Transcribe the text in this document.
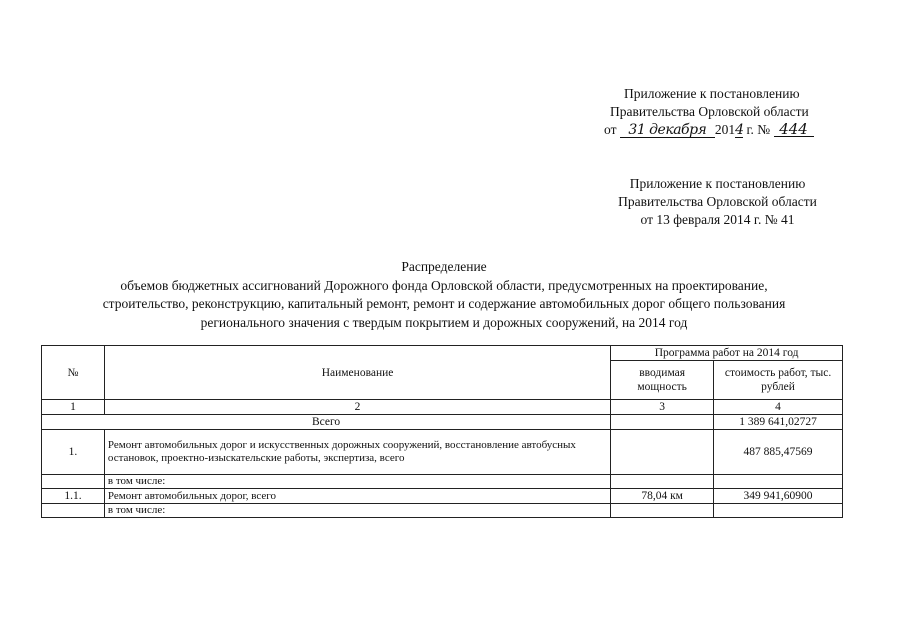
Приложение к постановлению
Правительства Орловской области
от 31 декабря 2014 г. № 444
Приложение к постановлению
Правительства Орловской области
от 13 февраля 2014 г. № 41
Распределение
объемов бюджетных ассигнований Дорожного фонда Орловской области, предусмотренных на проектирование,
строительство, реконструкцию, капитальный ремонт, ремонт и содержание автомобильных дорог общего пользования
регионального значения с твердым покрытием и дорожных сооружений, на 2014 год
№	Наименование	Программа работ на 2014 год	
		вводимая мощность	стоимость работ, тыс. рублей
1	2	3	4
Всего			1 389 641,02727
1.	Ремонт автомобильных дорог и искусственных дорожных сооружений, восстановление автобусных остановок, проектно-изыскательские работы, экспертиза, всего		487 885,47569
	в том числе:		
1.1.	Ремонт автомобильных дорог, всего	78,04 км	349 941,60900
	в том числе:		
